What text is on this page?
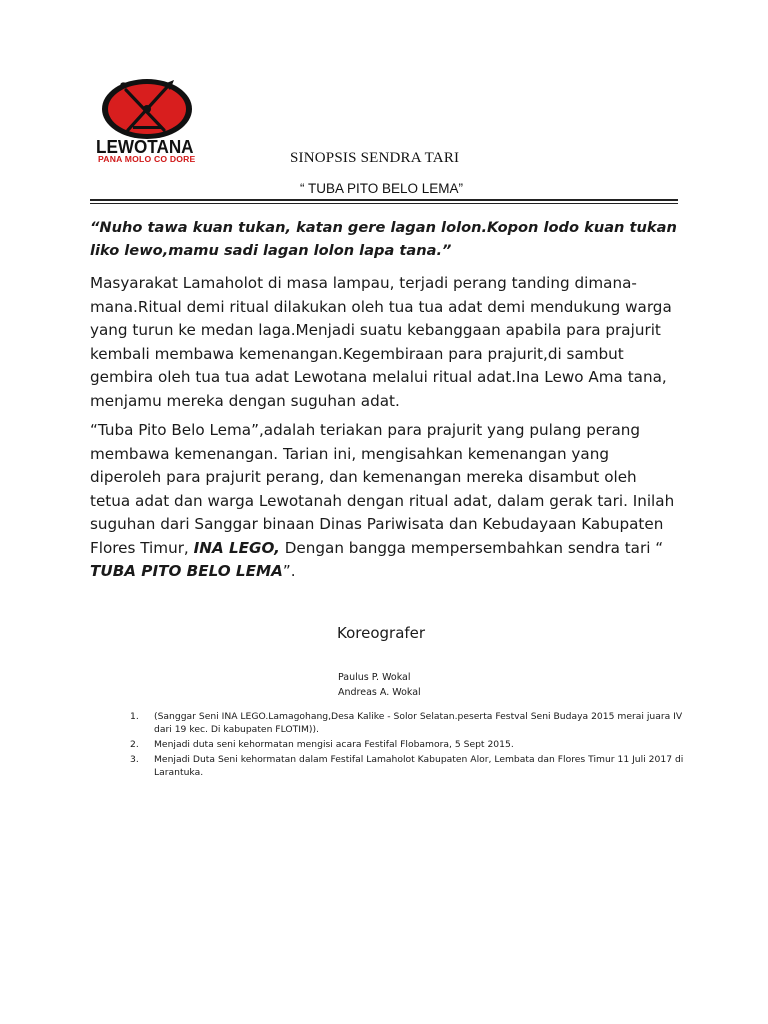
LEWOTANA
PANA MOLO CO DORE	SINOPSIS SENDRA TARI
“ TUBA PITO BELO LEMA”
“Nuho tawa kuan tukan, katan gere lagan lolon.Kopon lodo kuan tukan liko lewo,mamu sadi lagan lolon lapa tana.”
Masyarakat Lamaholot di masa lampau, terjadi perang tanding dimana-mana.Ritual demi ritual dilakukan oleh tua tua adat demi mendukung warga yang turun ke medan laga.Menjadi suatu kebanggaan apabila para prajurit kembali membawa kemenangan.Kegembiraan para prajurit,di sambut gembira oleh tua tua adat Lewotana melalui ritual adat.Ina Lewo Ama tana, menjamu mereka dengan suguhan adat.
“Tuba Pito Belo Lema”,adalah teriakan para prajurit yang pulang perang membawa kemenangan. Tarian ini, mengisahkan kemenangan yang diperoleh para prajurit perang, dan kemenangan mereka disambut oleh tetua adat dan warga Lewotanah dengan ritual adat, dalam gerak tari. Inilah suguhan dari Sanggar binaan Dinas Pariwisata dan Kebudayaan Kabupaten Flores Timur, INA LEGO, Dengan bangga mempersembahkan sendra tari “ TUBA PITO BELO LEMA”.
Koreografer
Paulus P. Wokal
Andreas A. Wokal
1. (Sanggar Seni INA LEGO.Lamagohang,Desa Kalike - Solor Selatan.peserta Festval Seni Budaya 2015 merai juara IV dari 19 kec. Di kabupaten FLOTIM)).
2. Menjadi duta seni kehormatan mengisi acara Festifal Flobamora, 5 Sept 2015.
3. Menjadi Duta Seni kehormatan dalam Festifal Lamaholot Kabupaten Alor, Lembata dan Flores Timur 11 Juli 2017 di Larantuka.
